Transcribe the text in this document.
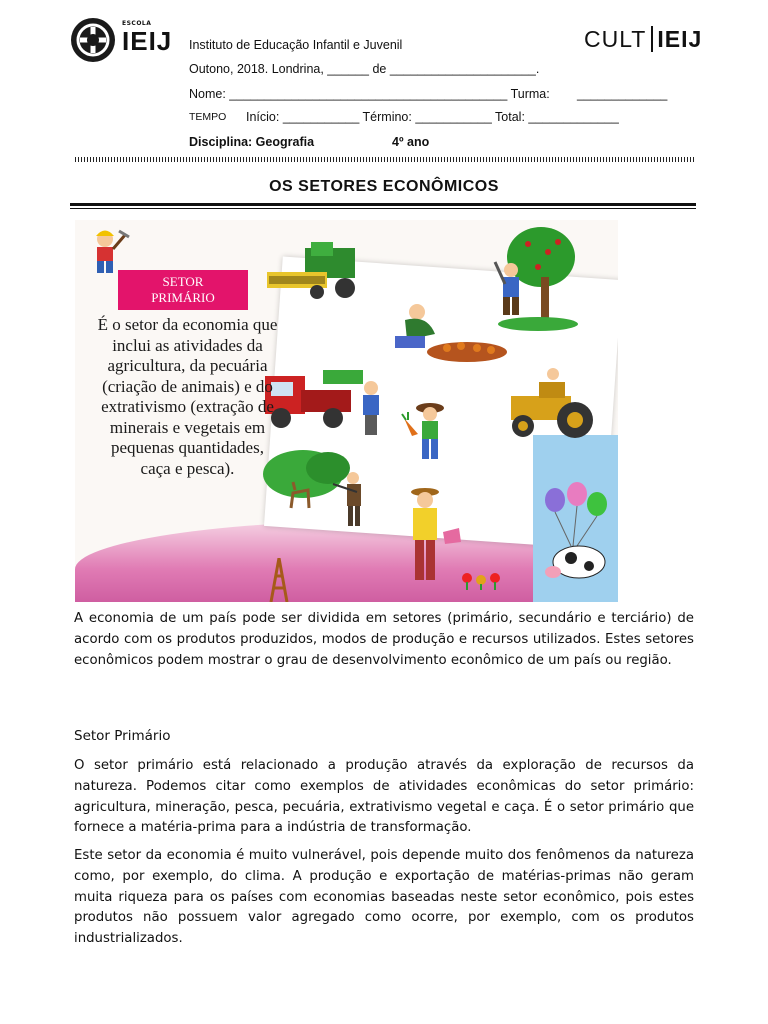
ESCOLA
IEIJ Instituto de Educação Infantil e Juvenil
Outono, 2018. Londrina, ______ de _____________________.
Nome: ________________________________________ Turma: _____________
TEMPO Início: ___________ Término: ___________ Total: _____________
Disciplina: Geografia	4º ano
CULT IEIJ
OS SETORES ECONÔMICOS
SETOR
PRIMÁRIO
É o setor da economia que inclui as atividades da agricultura, da pecuária (criação de animais) e do extrativismo (extração de minerais e vegetais em pequenas quantidades, caça e pesca).
A economia de um país pode ser dividida em setores (primário, secundário e terciário) de acordo com os produtos produzidos, modos de produção e recursos utilizados. Estes setores econômicos podem mostrar o grau de desenvolvimento econômico de um país ou região.
Setor Primário
O setor primário está relacionado a produção através da exploração de recursos da natureza. Podemos citar como exemplos de atividades econômicas do setor primário: agricultura, mineração, pesca, pecuária, extrativismo vegetal e caça. É o setor primário que fornece a matéria-prima para a indústria de transformação.
Este setor da economia é muito vulnerável, pois depende muito dos fenômenos da natureza como, por exemplo, do clima. A produção e exportação de matérias-primas não geram muita riqueza para os países com economias baseadas neste setor econômico, pois estes produtos não possuem valor agregado como ocorre, por exemplo, com os produtos industrializados.
